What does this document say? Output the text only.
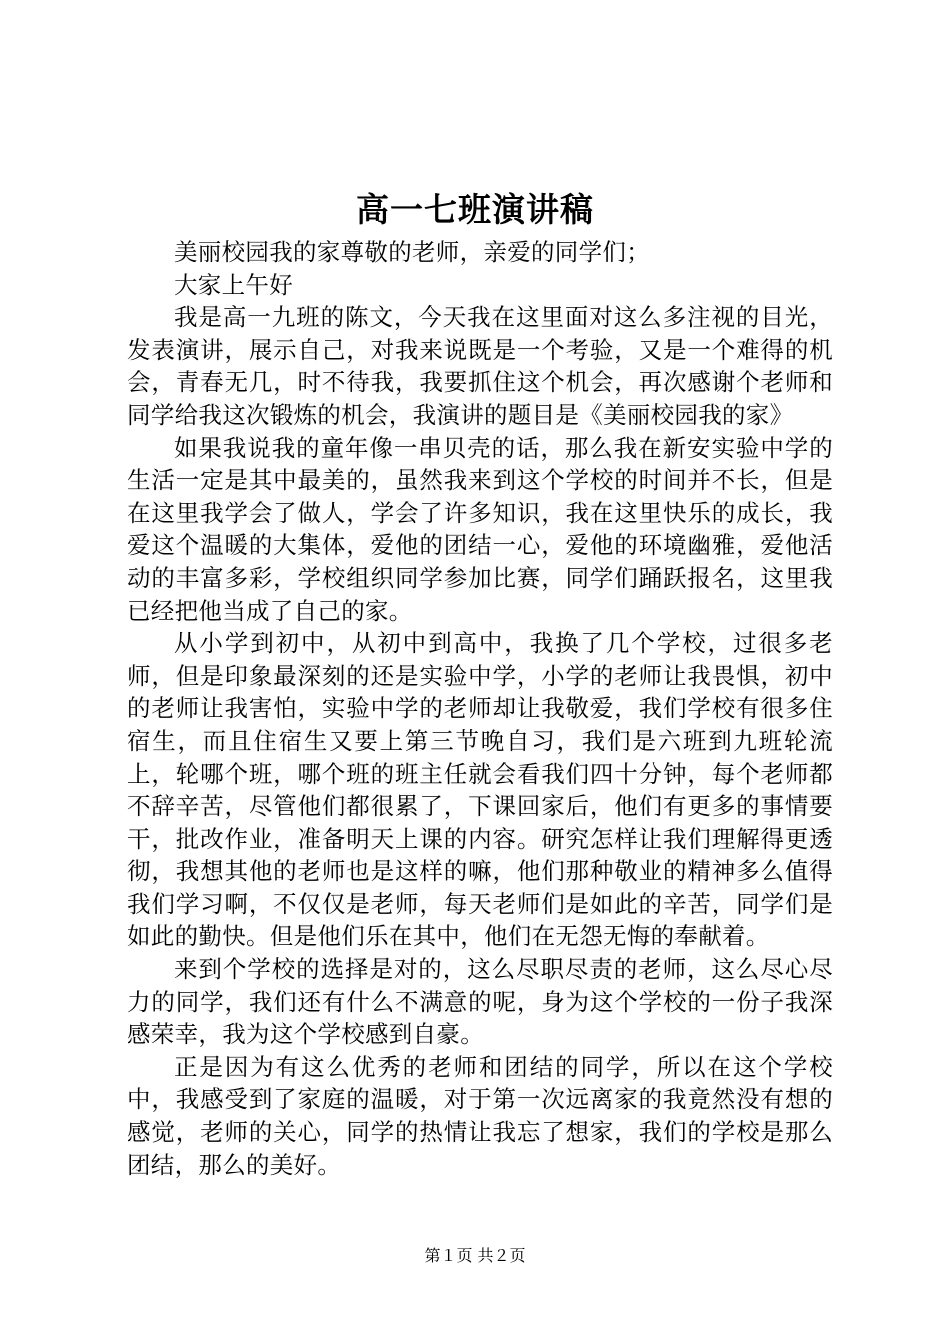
高一七班演讲稿

美丽校园我的家尊敬的老师，亲爱的同学们；

大家上午好

我是高一九班的陈文，今天我在这里面对这么多注视的目光，发表演讲，展示自己，对我来说既是一个考验，又是一个难得的机会，青春无几，时不待我，我要抓住这个机会，再次感谢个老师和同学给我这次锻炼的机会，我演讲的题目是《美丽校园我的家》

如果我说我的童年像一串贝壳的话，那么我在新安实验中学的生活一定是其中最美的，虽然我来到这个学校的时间并不长，但是在这里我学会了做人，学会了许多知识，我在这里快乐的成长，我爱这个温暖的大集体，爱他的团结一心，爱他的环境幽雅，爱他活动的丰富多彩，学校组织同学参加比赛，同学们踊跃报名，这里我已经把他当成了自己的家。

从小学到初中，从初中到高中，我换了几个学校，过很多老师，但是印象最深刻的还是实验中学，小学的老师让我畏惧，初中的老师让我害怕，实验中学的老师却让我敬爱，我们学校有很多住宿生，而且住宿生又要上第三节晚自习，我们是六班到九班轮流上，轮哪个班，哪个班的班主任就会看我们四十分钟，每个老师都不辞辛苦，尽管他们都很累了，下课回家后，他们有更多的事情要干，批改作业，准备明天上课的内容。研究怎样让我们理解得更透彻，我想其他的老师也是这样的嘛，他们那种敬业的精神多么值得我们学习啊，不仅仅是老师，每天老师们是如此的辛苦，同学们是如此的勤快。但是他们乐在其中，他们在无怨无悔的奉献着。

来到个学校的选择是对的，这么尽职尽责的老师，这么尽心尽力的同学，我们还有什么不满意的呢，身为这个学校的一份子我深感荣幸，我为这个学校感到自豪。

正是因为有这么优秀的老师和团结的同学，所以在这个学校中，我感受到了家庭的温暖，对于第一次远离家的我竟然没有想的感觉，老师的关心，同学的热情让我忘了想家，我们的学校是那么团结，那么的美好。

第１页 共２页
